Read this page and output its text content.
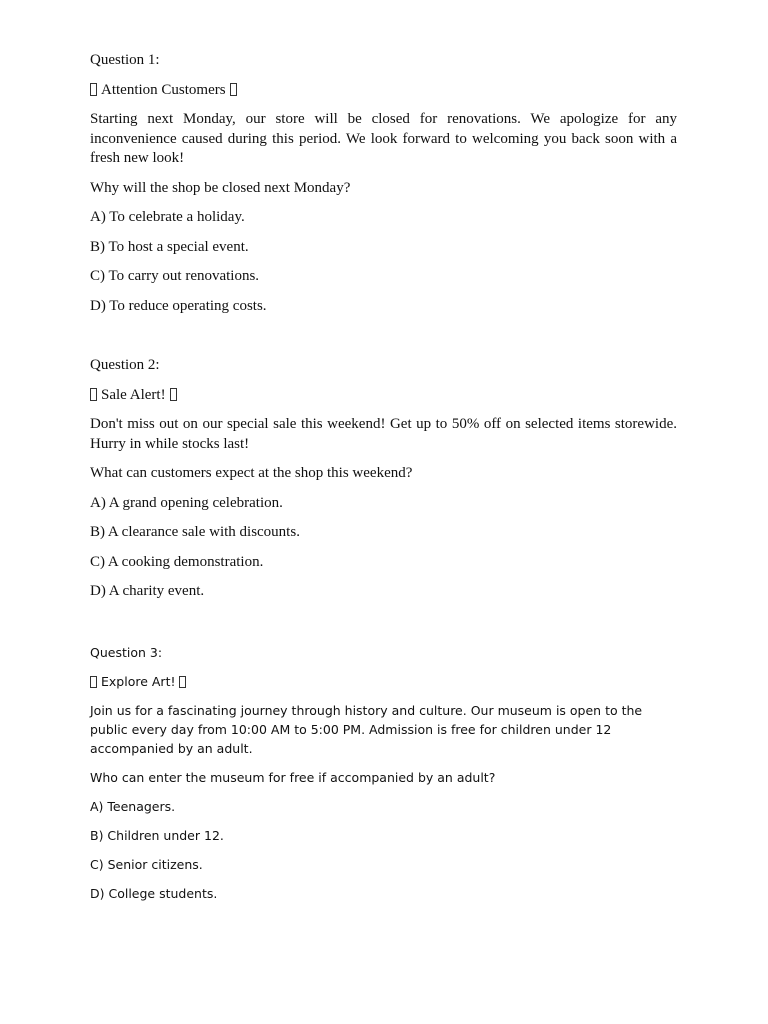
Question 1:

Attention Customers

Starting next Monday, our store will be closed for renovations. We apologize for any inconvenience caused during this period. We look forward to welcoming you back soon with a fresh new look!

Why will the shop be closed next Monday?

A) To celebrate a holiday.

B) To host a special event.

C) To carry out renovations.

D) To reduce operating costs.

Question 2:

Sale Alert!

Don't miss out on our special sale this weekend! Get up to 50% off on selected items storewide. Hurry in while stocks last!

What can customers expect at the shop this weekend?

A) A grand opening celebration.

B) A clearance sale with discounts.

C) A cooking demonstration.

D) A charity event.

Question 3:

Explore Art!

Join us for a fascinating journey through history and culture. Our museum is open to the public every day from 10:00 AM to 5:00 PM. Admission is free for children under 12 accompanied by an adult.

Who can enter the museum for free if accompanied by an adult?

A) Teenagers.

B) Children under 12.

C) Senior citizens.

D) College students.
